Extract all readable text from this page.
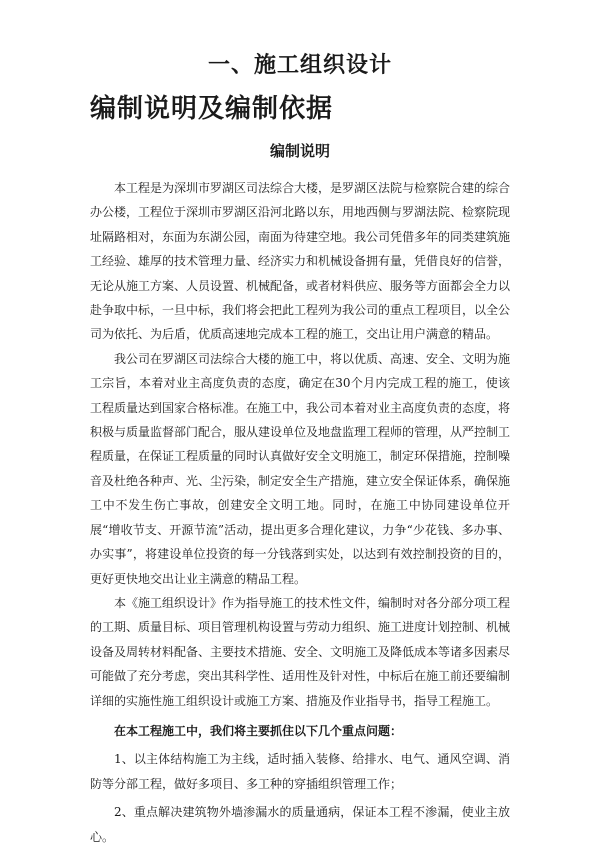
一、施工组织设计
编制说明及编制依据
编制说明

本工程是为深圳市罗湖区司法综合大楼，是罗湖区法院与检察院合建的综合办公楼，工程位于深圳市罗湖区沿河北路以东，用地西侧与罗湖法院、检察院现址隔路相对，东面为东湖公园，南面为待建空地。我公司凭借多年的同类建筑施工经验、雄厚的技术管理力量、经济实力和机械设备拥有量，凭借良好的信誉，无论从施工方案、人员设置、机械配备，或者材料供应、服务等方面都会全力以赴争取中标，一旦中标，我们将会把此工程列为我公司的重点工程项目，以全公司为依托、为后盾，优质高速地完成本工程的施工，交出让用户满意的精品。

我公司在罗湖区司法综合大楼的施工中，将以优质、高速、安全、文明为施工宗旨，本着对业主高度负责的态度，确定在30个月内完成工程的施工，使该工程质量达到国家合格标准。在施工中，我公司本着对业主高度负责的态度，将积极与质量监督部门配合，服从建设单位及地盘监理工程师的管理，从严控制工程质量，在保证工程质量的同时认真做好安全文明施工，制定环保措施，控制噪音及杜绝各种声、光、尘污染，制定安全生产措施，建立安全保证体系，确保施工中不发生伤亡事故，创建安全文明工地。同时，在施工中协同建设单位开展“增收节支、开源节流”活动，提出更多合理化建议，力争“少花钱、多办事、办实事”，将建设单位投资的每一分钱落到实处，以达到有效控制投资的目的，更好更快地交出让业主满意的精品工程。

本《施工组织设计》作为指导施工的技术性文件，编制时对各分部分项工程的工期、质量目标、项目管理机构设置与劳动力组织、施工进度计划控制、机械设备及周转材料配备、主要技术措施、安全、文明施工及降低成本等诸多因素尽可能做了充分考虑，突出其科学性、适用性及针对性，中标后在施工前还要编制详细的实施性施工组织设计或施工方案、措施及作业指导书，指导工程施工。

在本工程施工中，我们将主要抓住以下几个重点问题：

1、以主体结构施工为主线，适时插入装修、给排水、电气、通风空调、消防等分部工程，做好多项目、多工种的穿插组织管理工作；

2、重点解决建筑物外墙渗漏水的质量通病，保证本工程不渗漏，使业主放心。
